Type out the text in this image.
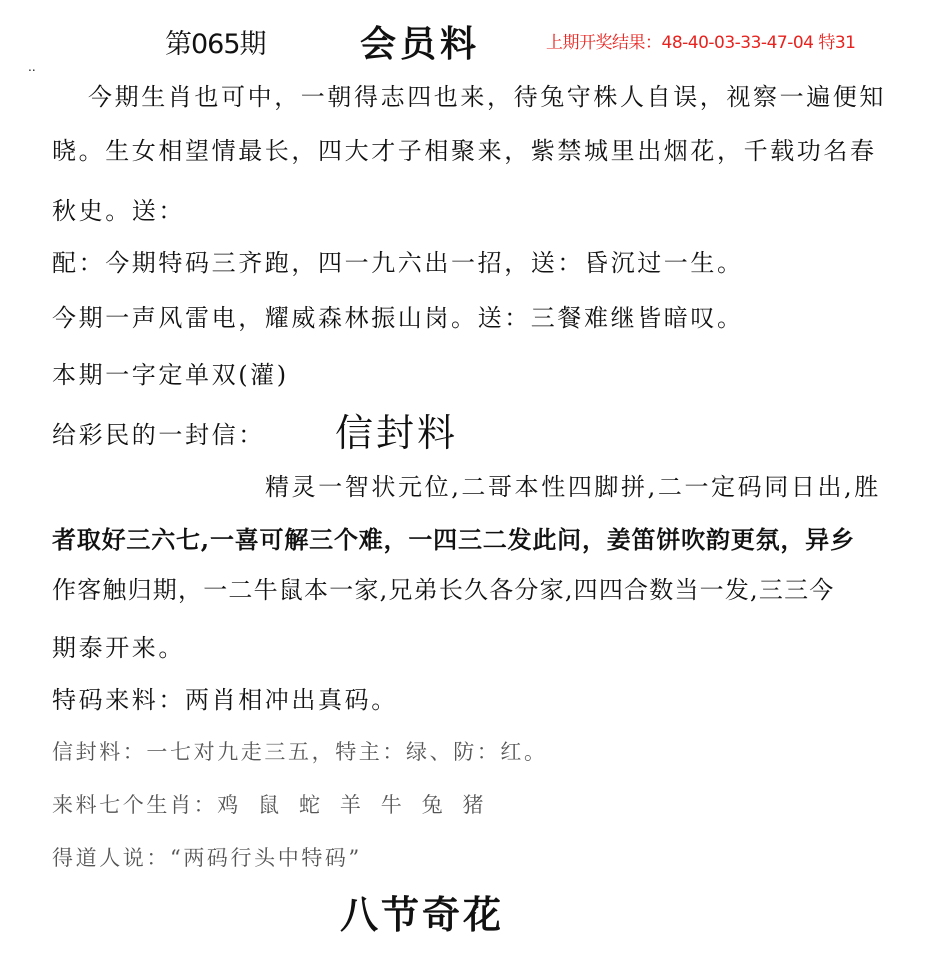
第065期	会员料	上期开奖结果：48-40-03-33-47-04 特31
..
今期生肖也可中，一朝得志四也来，待兔守株人自误，视察一遍便知
晓。生女相望情最长，四大才子相聚来，紫禁城里出烟花，千载功名春
秋史。送：
配：今期特码三齐跑，四一九六出一招，送：昏沉过一生。
今期一声风雷电，耀威森林振山岗。送：三餐难继皆暗叹。
本期一字定单双(灌)
给彩民的一封信： 信封料
精灵一智状元位,二哥本性四脚拼,二一定码同日出,胜
者取好三六七,一喜可解三个难，一四三二发此问，姜笛饼吹韵更氛，异乡
作客触归期，一二牛鼠本一家,兄弟长久各分家,四四合数当一发,三三今
期泰开来。
特码来料：两肖相冲出真码。
信封料：一七对九走三五，特主：绿、防：红。
来料七个生肖：鸡 鼠 蛇 羊 牛 兔 猪
得道人说：“两码行头中特码”
八节奇花
